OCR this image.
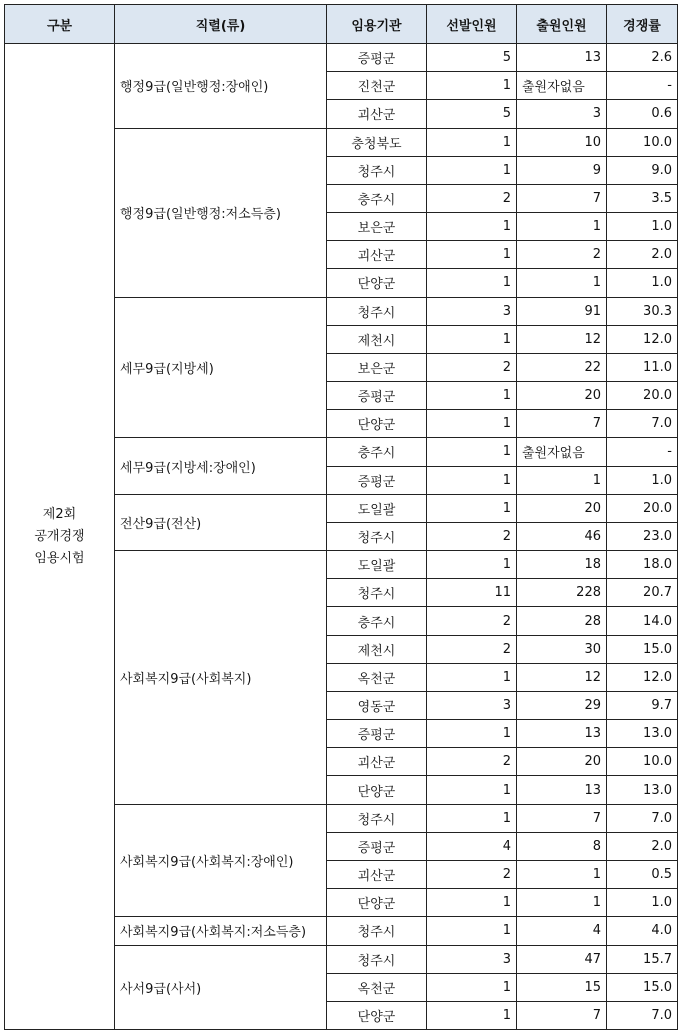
구분	직렬(류)	임용기관	선발인원	출원인원	경쟁률

제2회
공개경쟁
임용시험	행정9급(일반행정:장애인)	증평군	5	13	2.6
		진천군	1	출원자없음	-
		괴산군	5	3	0.6
	행정9급(일반행정:저소득층)	충청북도	1	10	10.0
		청주시	1	9	9.0
		충주시	2	7	3.5
		보은군	1	1	1.0
		괴산군	1	2	2.0
		단양군	1	1	1.0
	세무9급(지방세)	청주시	3	91	30.3
		제천시	1	12	12.0
		보은군	2	22	11.0
		증평군	1	20	20.0
		단양군	1	7	7.0
	세무9급(지방세:장애인)	충주시	1	출원자없음	-
		증평군	1	1	1.0
	전산9급(전산)	도일괄	1	20	20.0
		청주시	2	46	23.0
	사회복지9급(사회복지)	도일괄	1	18	18.0
		청주시	11	228	20.7
		충주시	2	28	14.0
		제천시	2	30	15.0
		옥천군	1	12	12.0
		영동군	3	29	9.7
		증평군	1	13	13.0
		괴산군	2	20	10.0
		단양군	1	13	13.0
	사회복지9급(사회복지:장애인)	청주시	1	7	7.0
		증평군	4	8	2.0
		괴산군	2	1	0.5
		단양군	1	1	1.0
	사회복지9급(사회복지:저소득층)	청주시	1	4	4.0
	사서9급(사서)	청주시	3	47	15.7
		옥천군	1	15	15.0
		단양군	1	7	7.0
